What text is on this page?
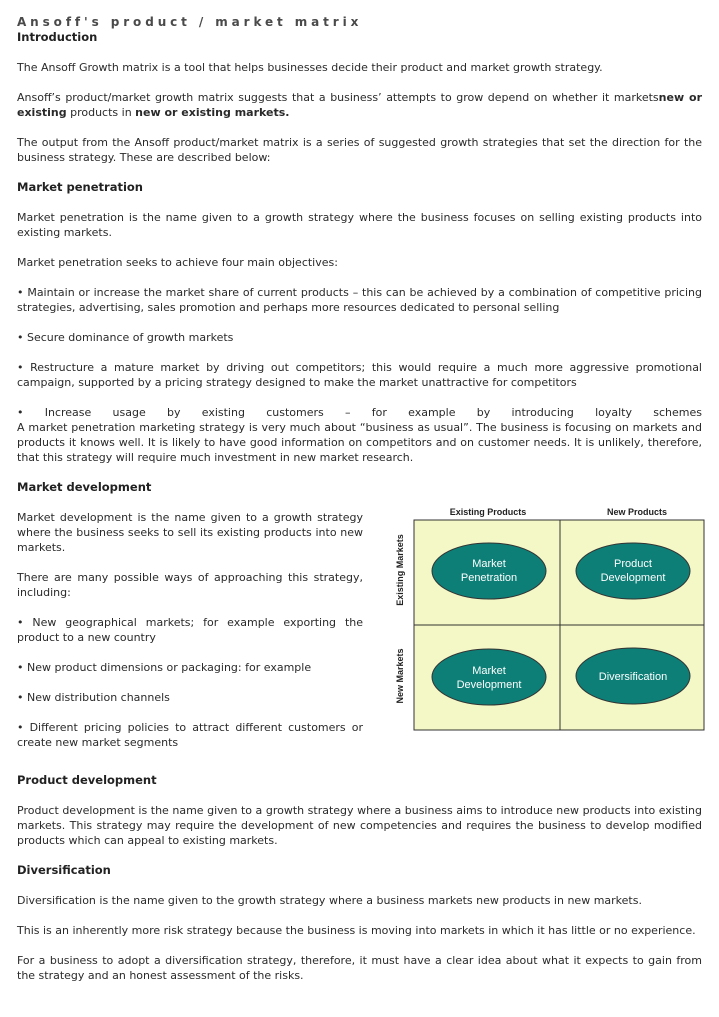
Ansoff's product / market matrix
Introduction

The Ansoff Growth matrix is a tool that helps businesses decide their product and market growth strategy.

Ansoff’s product/market growth matrix suggests that a business’ attempts to grow depend on whether it marketsnew or existing products in new or existing markets.

The output from the Ansoff product/market matrix is a series of suggested growth strategies that set the direction for the business strategy. These are described below:

Market penetration

Market penetration is the name given to a growth strategy where the business focuses on selling existing products into existing markets.

Market penetration seeks to achieve four main objectives:

• Maintain or increase the market share of current products – this can be achieved by a combination of competitive pricing strategies, advertising, sales promotion and perhaps more resources dedicated to personal selling

• Secure dominance of growth markets

• Restructure a mature market by driving out competitors; this would require a much more aggressive promotional campaign, supported by a pricing strategy designed to make the market unattractive for competitors

• Increase usage by existing customers – for example by introducing loyalty schemes

A market penetration marketing strategy is very much about “business as usual”. The business is focusing on markets and products it knows well. It is likely to have good information on competitors and on customer needs. It is unlikely, therefore, that this strategy will require much investment in new market research.

Market development

Market development is the name given to a growth strategy where the business seeks to sell its existing products into new markets.

There are many possible ways of approaching this strategy, including:

• New geographical markets; for example exporting the product to a new country

• New product dimensions or packaging: for example

• New distribution channels

• Different pricing policies to attract different customers or create new market segments

Product development

Product development is the name given to a growth strategy where a business aims to introduce new products into existing markets. This strategy may require the development of new competencies and requires the business to develop modified products which can appeal to existing markets.

Diversification

Diversification is the name given to the growth strategy where a business markets new products in new markets.

This is an inherently more risk strategy because the business is moving into markets in which it has little or no experience.

For a business to adopt a diversification strategy, therefore, it must have a clear idea about what it expects to gain from the strategy and an honest assessment of the risks.

Existing Products	New Products
Existing Markets
New Markets
Market
Penetration
Product
Development
Market
Development
Diversification
